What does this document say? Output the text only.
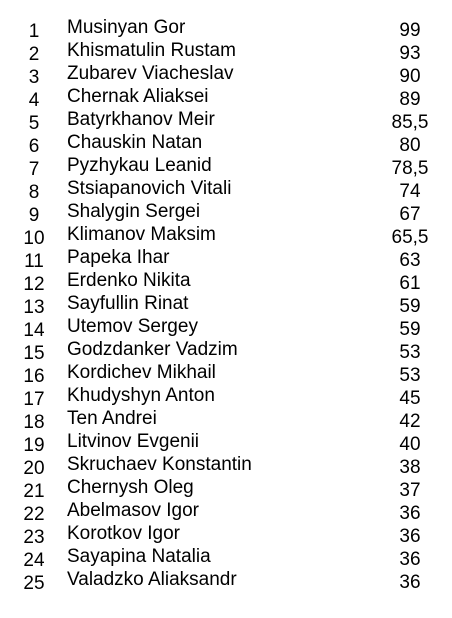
1	Musinyan Gor	99
2	Khismatulin Rustam	93
3	Zubarev Viacheslav	90
4	Chernak Aliaksei	89
5	Batyrkhanov Meir	85,5
6	Chauskin Natan	80
7	Pyzhykau Leanid	78,5
8	Stsiapanovich Vitali	74
9	Shalygin Sergei	67
10	Klimanov Maksim	65,5
11	Papeka Ihar	63
12	Erdenko Nikita	61
13	Sayfullin Rinat	59
14	Utemov Sergey	59
15	Godzdanker Vadzim	53
16	Kordichev Mikhail	53
17	Khudyshyn Anton	45
18	Ten Andrei	42
19	Litvinov Evgenii	40
20	Skruchaev Konstantin	38
21	Chernysh Oleg	37
22	Abelmasov Igor	36
23	Korotkov Igor	36
24	Sayapina Natalia	36
25	Valadzko Aliaksandr	36
